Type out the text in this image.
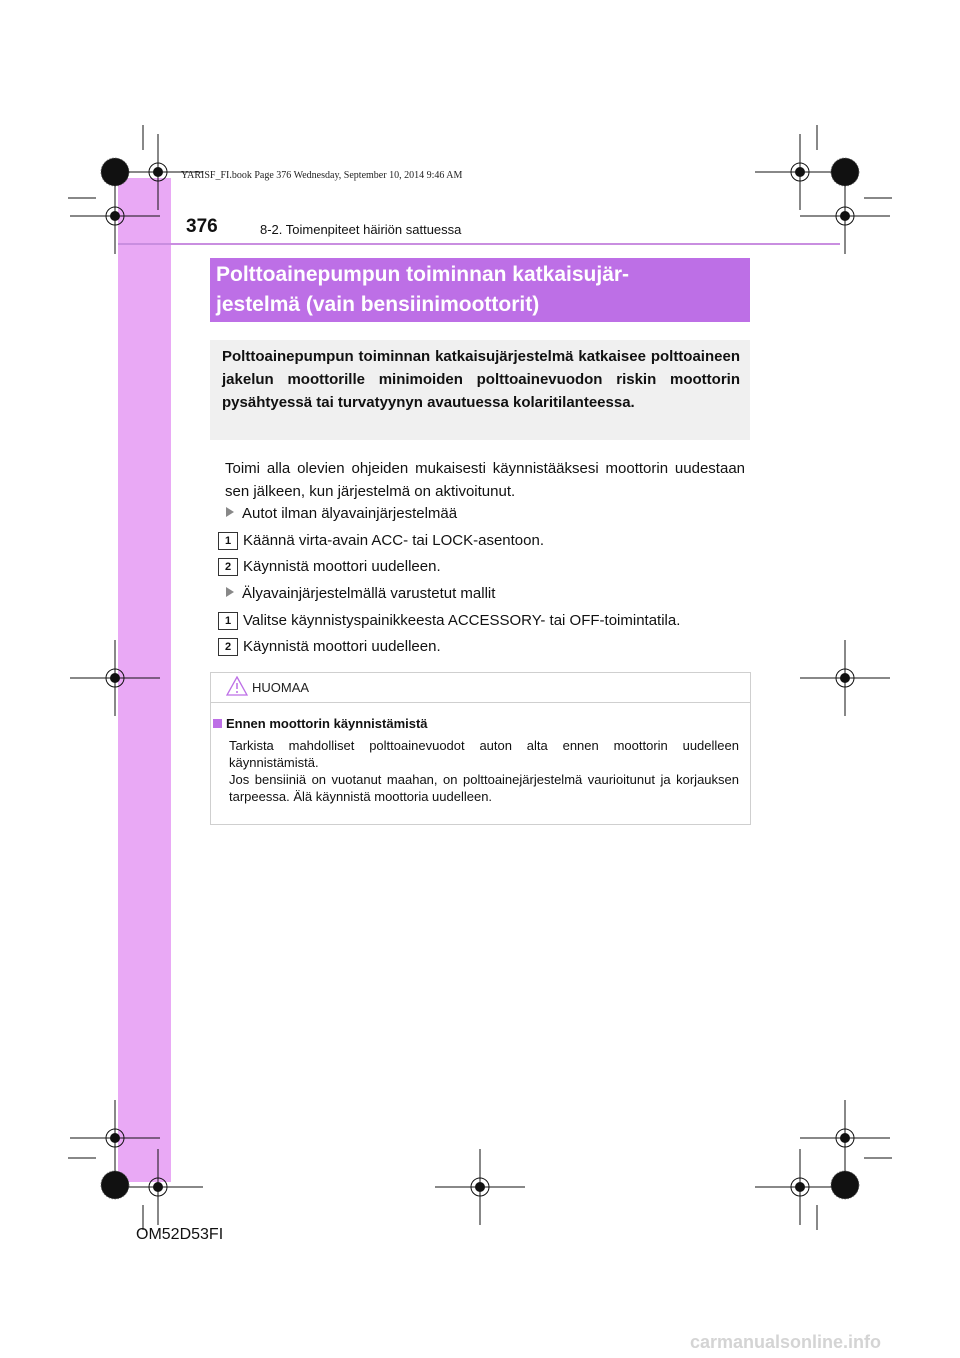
YARISF_FI.book Page 376 Wednesday, September 10, 2014 9:46 AM
376	8-2. Toimenpiteet häiriön sattuessa
Polttoainepumpun toiminnan katkaisujär-
jestelmä (vain bensiinimoottorit)
Polttoainepumpun toiminnan katkaisujärjestelmä katkaisee polttoaineen jakelun moottorille minimoiden polttoainevuodon riskin moottorin pysähtyessä tai turvatyynyn avautuessa kolaritilanteessa.
Toimi alla olevien ohjeiden mukaisesti käynnistääksesi moottorin uudestaan sen jälkeen, kun järjestelmä on aktivoitunut.
Autot ilman älyavainjärjestelmää
1 Käännä virta-avain ACC- tai LOCK-asentoon.
2 Käynnistä moottori uudelleen.
Älyavainjärjestelmällä varustetut mallit
1 Valitse käynnistyspainikkeesta ACCESSORY- tai OFF-toimintatila.
2 Käynnistä moottori uudelleen.
HUOMAA
Ennen moottorin käynnistämistä
Tarkista mahdolliset polttoainevuodot auton alta ennen moottorin uudelleen käynnistämistä.
Jos bensiiniä on vuotanut maahan, on polttoainejärjestelmä vaurioitunut ja korjauksen tarpeessa. Älä käynnistä moottoria uudelleen.
OM52D53FI
carmanualsonline.info
